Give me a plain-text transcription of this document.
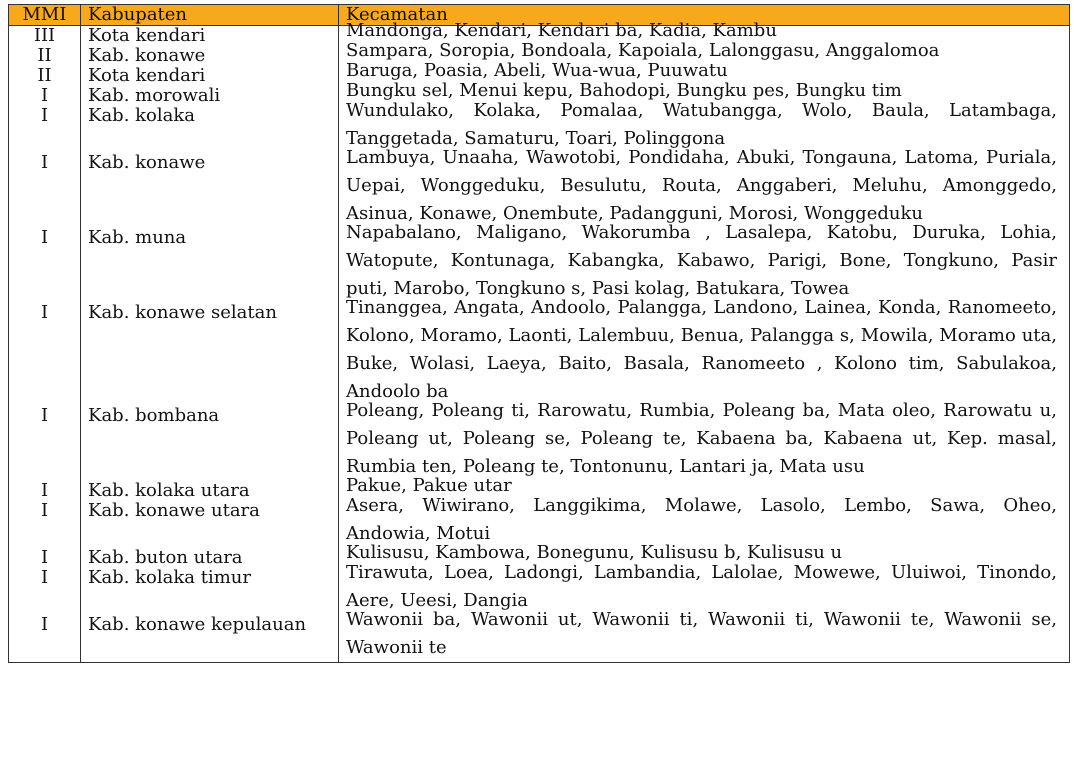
MMI	Kabupaten	Kecamatan
III	Kota kendari	Mandonga, Kendari, Kendari ba, Kadia, Kambu

II	Kab. konawe	Sampara, Soropia, Bondoala, Kapoiala, Lalonggasu, Anggalomoa

II	Kota kendari	Baruga, Poasia, Abeli, Wua-wua, Puuwatu

I	Kab. morowali	Bungku sel, Menui kepu, Bahodopi, Bungku pes, Bungku tim

I	Kab. kolaka	Wundulako, Kolaka, Pomalaa, Watubangga, Wolo, Baula, Latambaga, Tanggetada, Samaturu, Toari, Polinggona

I	Kab. konawe	Lambuya, Unaaha, Wawotobi, Pondidaha, Abuki, Tongauna, Latoma, Puriala, Uepai, Wonggeduku, Besulutu, Routa, Anggaberi, Meluhu, Amonggedo, Asinua, Konawe, Onembute, Padangguni, Morosi, Wonggeduku

I	Kab. muna	Napabalano, Maligano, Wakorumba , Lasalepa, Katobu, Duruka, Lohia, Watopute, Kontunaga, Kabangka, Kabawo, Parigi, Bone, Tongkuno, Pasir puti, Marobo, Tongkuno s, Pasi kolag, Batukara, Towea

I	Kab. konawe selatan	Tinanggea, Angata, Andoolo, Palangga, Landono, Lainea, Konda, Ranomeeto, Kolono, Moramo, Laonti, Lalembuu, Benua, Palangga s, Mowila, Moramo uta, Buke, Wolasi, Laeya, Baito, Basala, Ranomeeto , Kolono tim, Sabulakoa, Andoolo ba

I	Kab. bombana	Poleang, Poleang ti, Rarowatu, Rumbia, Poleang ba, Mata oleo, Rarowatu u, Poleang ut, Poleang se, Poleang te, Kabaena ba, Kabaena ut, Kep. masal, Rumbia ten, Poleang te, Tontonunu, Lantari ja, Mata usu

I	Kab. kolaka utara	Pakue, Pakue utar

I	Kab. konawe utara	Asera, Wiwirano, Langgikima, Molawe, Lasolo, Lembo, Sawa, Oheo, Andowia, Motui

I	Kab. buton utara	Kulisusu, Kambowa, Bonegunu, Kulisusu b, Kulisusu u

I	Kab. kolaka timur	Tirawuta, Loea, Ladongi, Lambandia, Lalolae, Mowewe, Uluiwoi, Tinondo, Aere, Ueesi, Dangia

I	Kab. konawe kepulauan	Wawonii ba, Wawonii ut, Wawonii ti, Wawonii ti, Wawonii te, Wawonii se, Wawonii te
